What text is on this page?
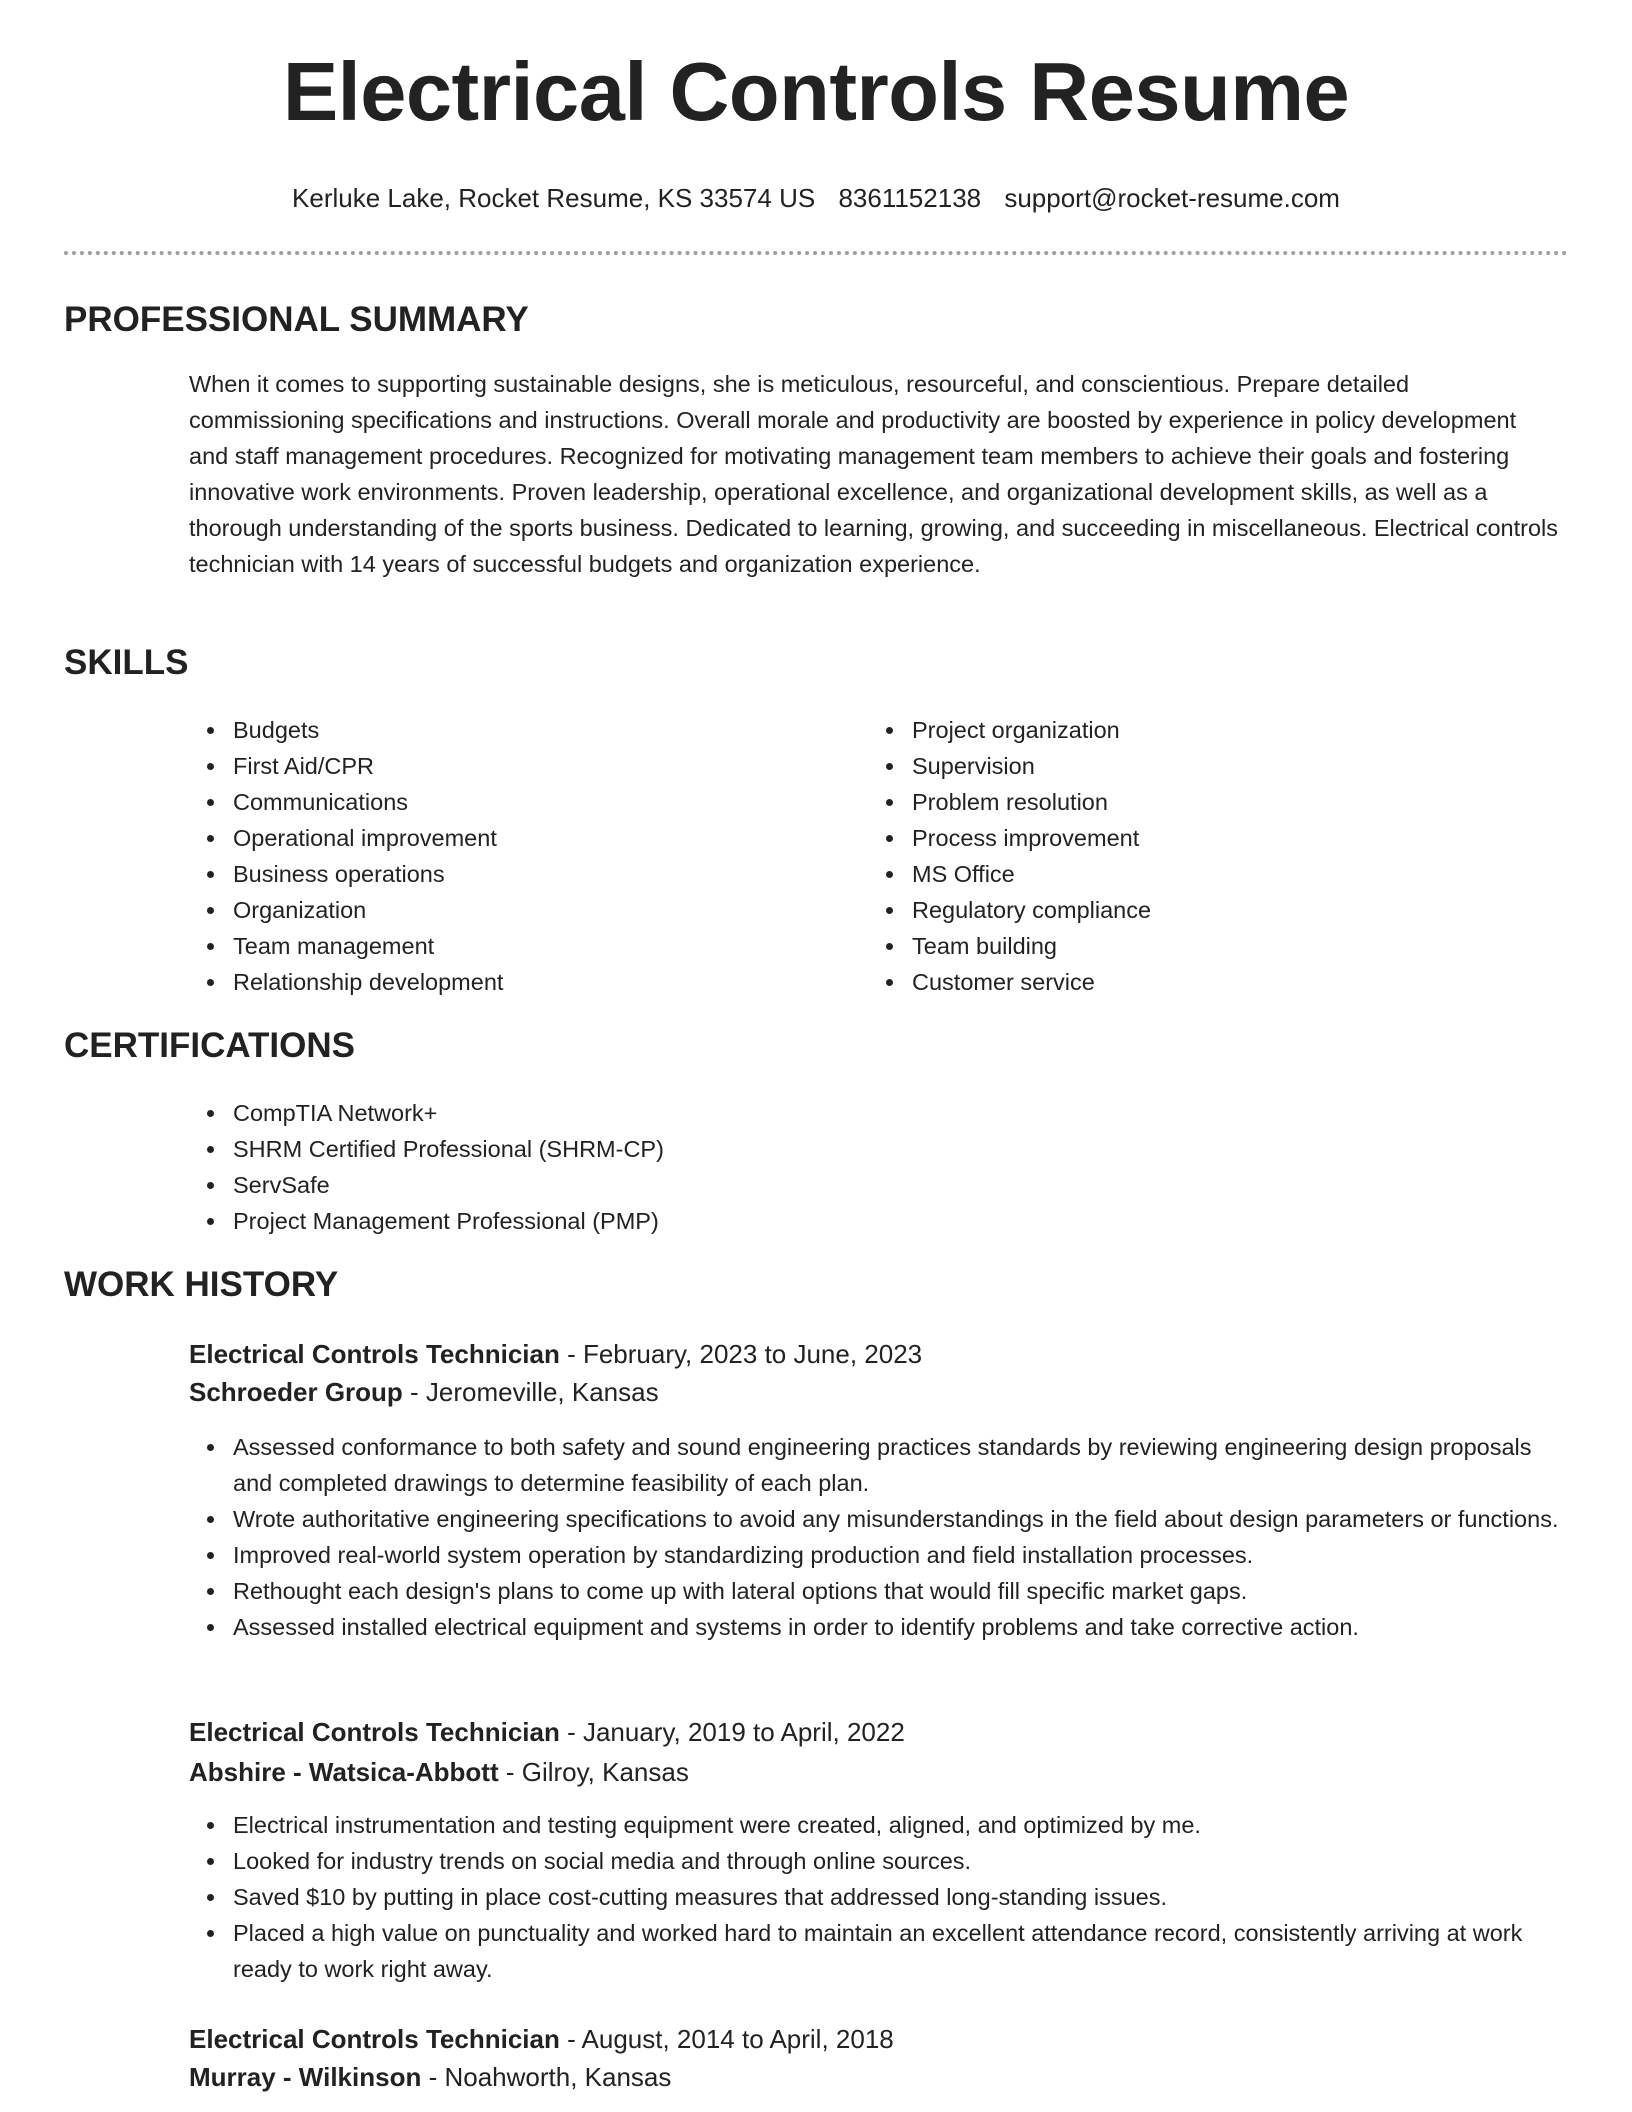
Electrical Controls Resume
Kerluke Lake, Rocket Resume, KS 33574 US 8361152138 support@rocket-resume.com
PROFESSIONAL SUMMARY

When it comes to supporting sustainable designs, she is meticulous, resourceful, and conscientious. Prepare detailed commissioning specifications and instructions. Overall morale and productivity are boosted by experience in policy development and staff management procedures. Recognized for motivating management team members to achieve their goals and fostering innovative work environments. Proven leadership, operational excellence, and organizational development skills, as well as a thorough understanding of the sports business. Dedicated to learning, growing, and succeeding in miscellaneous. Electrical controls technician with 14 years of successful budgets and organization experience.

SKILLS
Budgets
First Aid/CPR
Communications
Operational improvement
Business operations
Organization
Team management
Relationship development
Project organization
Supervision
Problem resolution
Process improvement
MS Office
Regulatory compliance
Team building
Customer service
CERTIFICATIONS
CompTIA Network+
SHRM Certified Professional (SHRM-CP)
ServSafe
Project Management Professional (PMP)
WORK HISTORY
Electrical Controls Technician - February, 2023 to June, 2023
Schroeder Group - Jeromeville, Kansas
Assessed conformance to both safety and sound engineering practices standards by reviewing engineering design proposals and completed drawings to determine feasibility of each plan.
Wrote authoritative engineering specifications to avoid any misunderstandings in the field about design parameters or functions.
Improved real-world system operation by standardizing production and field installation processes.
Rethought each design's plans to come up with lateral options that would fill specific market gaps.
Assessed installed electrical equipment and systems in order to identify problems and take corrective action.
Electrical Controls Technician - January, 2019 to April, 2022
Abshire - Watsica-Abbott - Gilroy, Kansas
Electrical instrumentation and testing equipment were created, aligned, and optimized by me.
Looked for industry trends on social media and through online sources.
Saved $10 by putting in place cost-cutting measures that addressed long-standing issues.
Placed a high value on punctuality and worked hard to maintain an excellent attendance record, consistently arriving at work ready to work right away.
Electrical Controls Technician - August, 2014 to April, 2018
Murray - Wilkinson - Noahworth, Kansas
